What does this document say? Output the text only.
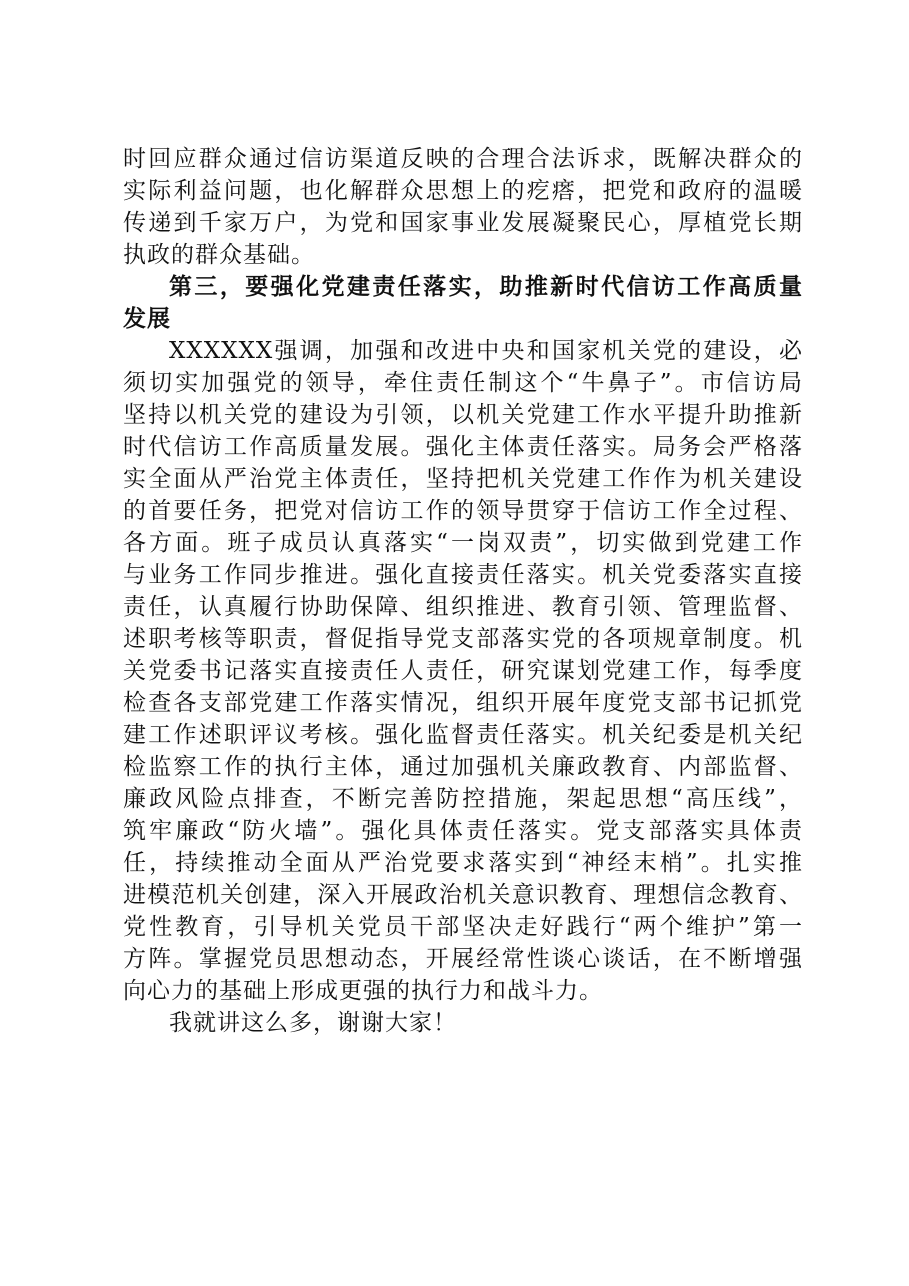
时回应群众通过信访渠道反映的合理合法诉求，既解决群众的
实际利益问题，也化解群众思想上的疙瘩，把党和政府的温暖
传递到千家万户，为党和国家事业发展凝聚民心，厚植党长期
执政的群众基础。
第三，要强化党建责任落实，助推新时代信访工作高质量
发展
XXXXXX强调，加强和改进中央和国家机关党的建设，必
须切实加强党的领导，牵住责任制这个“牛鼻子”。市信访局
坚持以机关党的建设为引领，以机关党建工作水平提升助推新
时代信访工作高质量发展。强化主体责任落实。局务会严格落
实全面从严治党主体责任，坚持把机关党建工作作为机关建设
的首要任务，把党对信访工作的领导贯穿于信访工作全过程、
各方面。班子成员认真落实“一岗双责”，切实做到党建工作
与业务工作同步推进。强化直接责任落实。机关党委落实直接
责任，认真履行协助保障、组织推进、教育引领、管理监督、
述职考核等职责，督促指导党支部落实党的各项规章制度。机
关党委书记落实直接责任人责任，研究谋划党建工作，每季度
检查各支部党建工作落实情况，组织开展年度党支部书记抓党
建工作述职评议考核。强化监督责任落实。机关纪委是机关纪
检监察工作的执行主体，通过加强机关廉政教育、内部监督、
廉政风险点排查，不断完善防控措施，架起思想“高压线”，
筑牢廉政“防火墙”。强化具体责任落实。党支部落实具体责
任，持续推动全面从严治党要求落实到“神经末梢”。扎实推
进模范机关创建，深入开展政治机关意识教育、理想信念教育、
党性教育，引导机关党员干部坚决走好践行“两个维护”第一
方阵。掌握党员思想动态，开展经常性谈心谈话，在不断增强
向心力的基础上形成更强的执行力和战斗力。
我就讲这么多，谢谢大家！
